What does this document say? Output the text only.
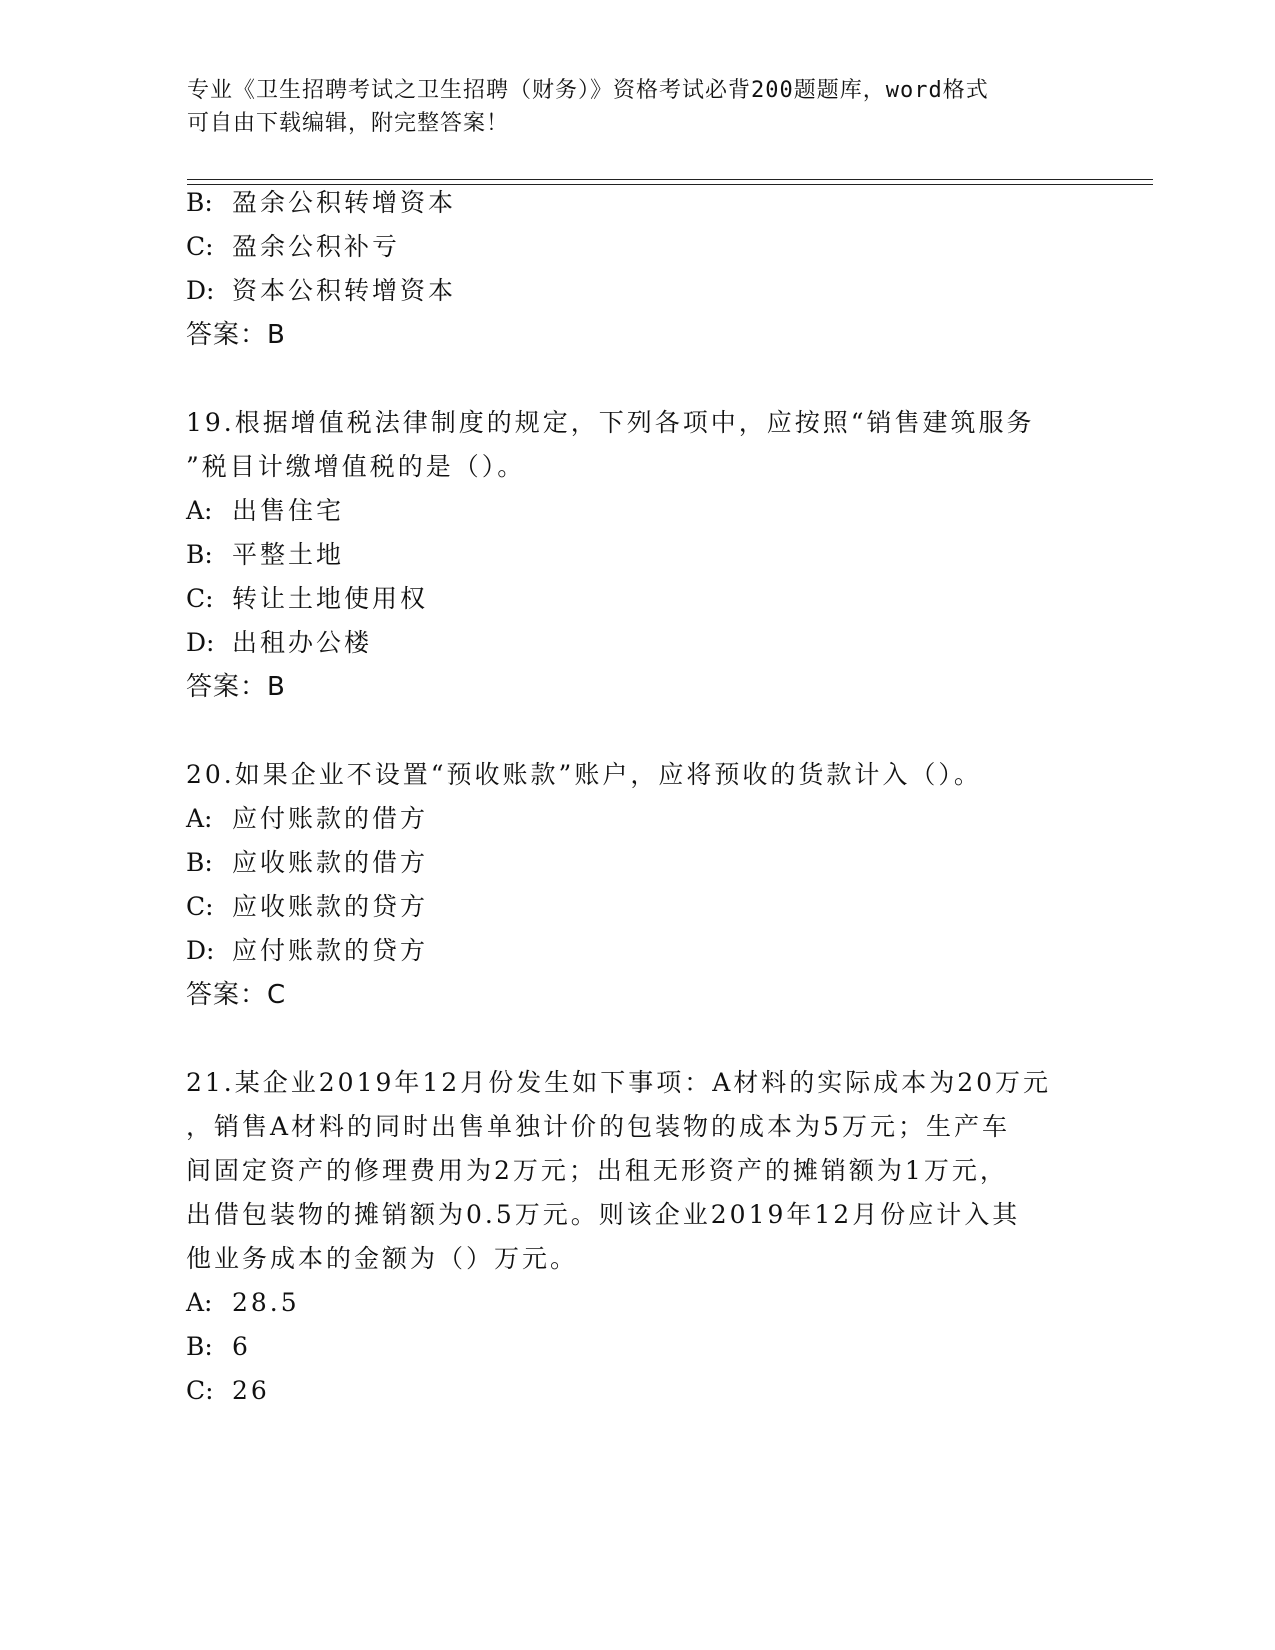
专业《卫生招聘考试之卫生招聘（财务）》资格考试必背200题题库，word格式
可自由下载编辑，附完整答案！
B: 盈余公积转增资本
C: 盈余公积补亏
D: 资本公积转增资本
答案：B
19.根据增值税法律制度的规定，下列各项中，应按照“销售建筑服务
”税目计缴增值税的是（）。
A: 出售住宅
B: 平整土地
C: 转让土地使用权
D: 出租办公楼
答案：B
20.如果企业不设置“预收账款”账户，应将预收的货款计入（）。
A: 应付账款的借方
B: 应收账款的借方
C: 应收账款的贷方
D: 应付账款的贷方
答案：C
21.某企业2019年12月份发生如下事项：A材料的实际成本为20万元
，销售A材料的同时出售单独计价的包装物的成本为5万元；生产车
间固定资产的修理费用为2万元；出租无形资产的摊销额为1万元，
出借包装物的摊销额为0.5万元。则该企业2019年12月份应计入其
他业务成本的金额为（）万元。
A: 28.5
B: 6
C: 26
